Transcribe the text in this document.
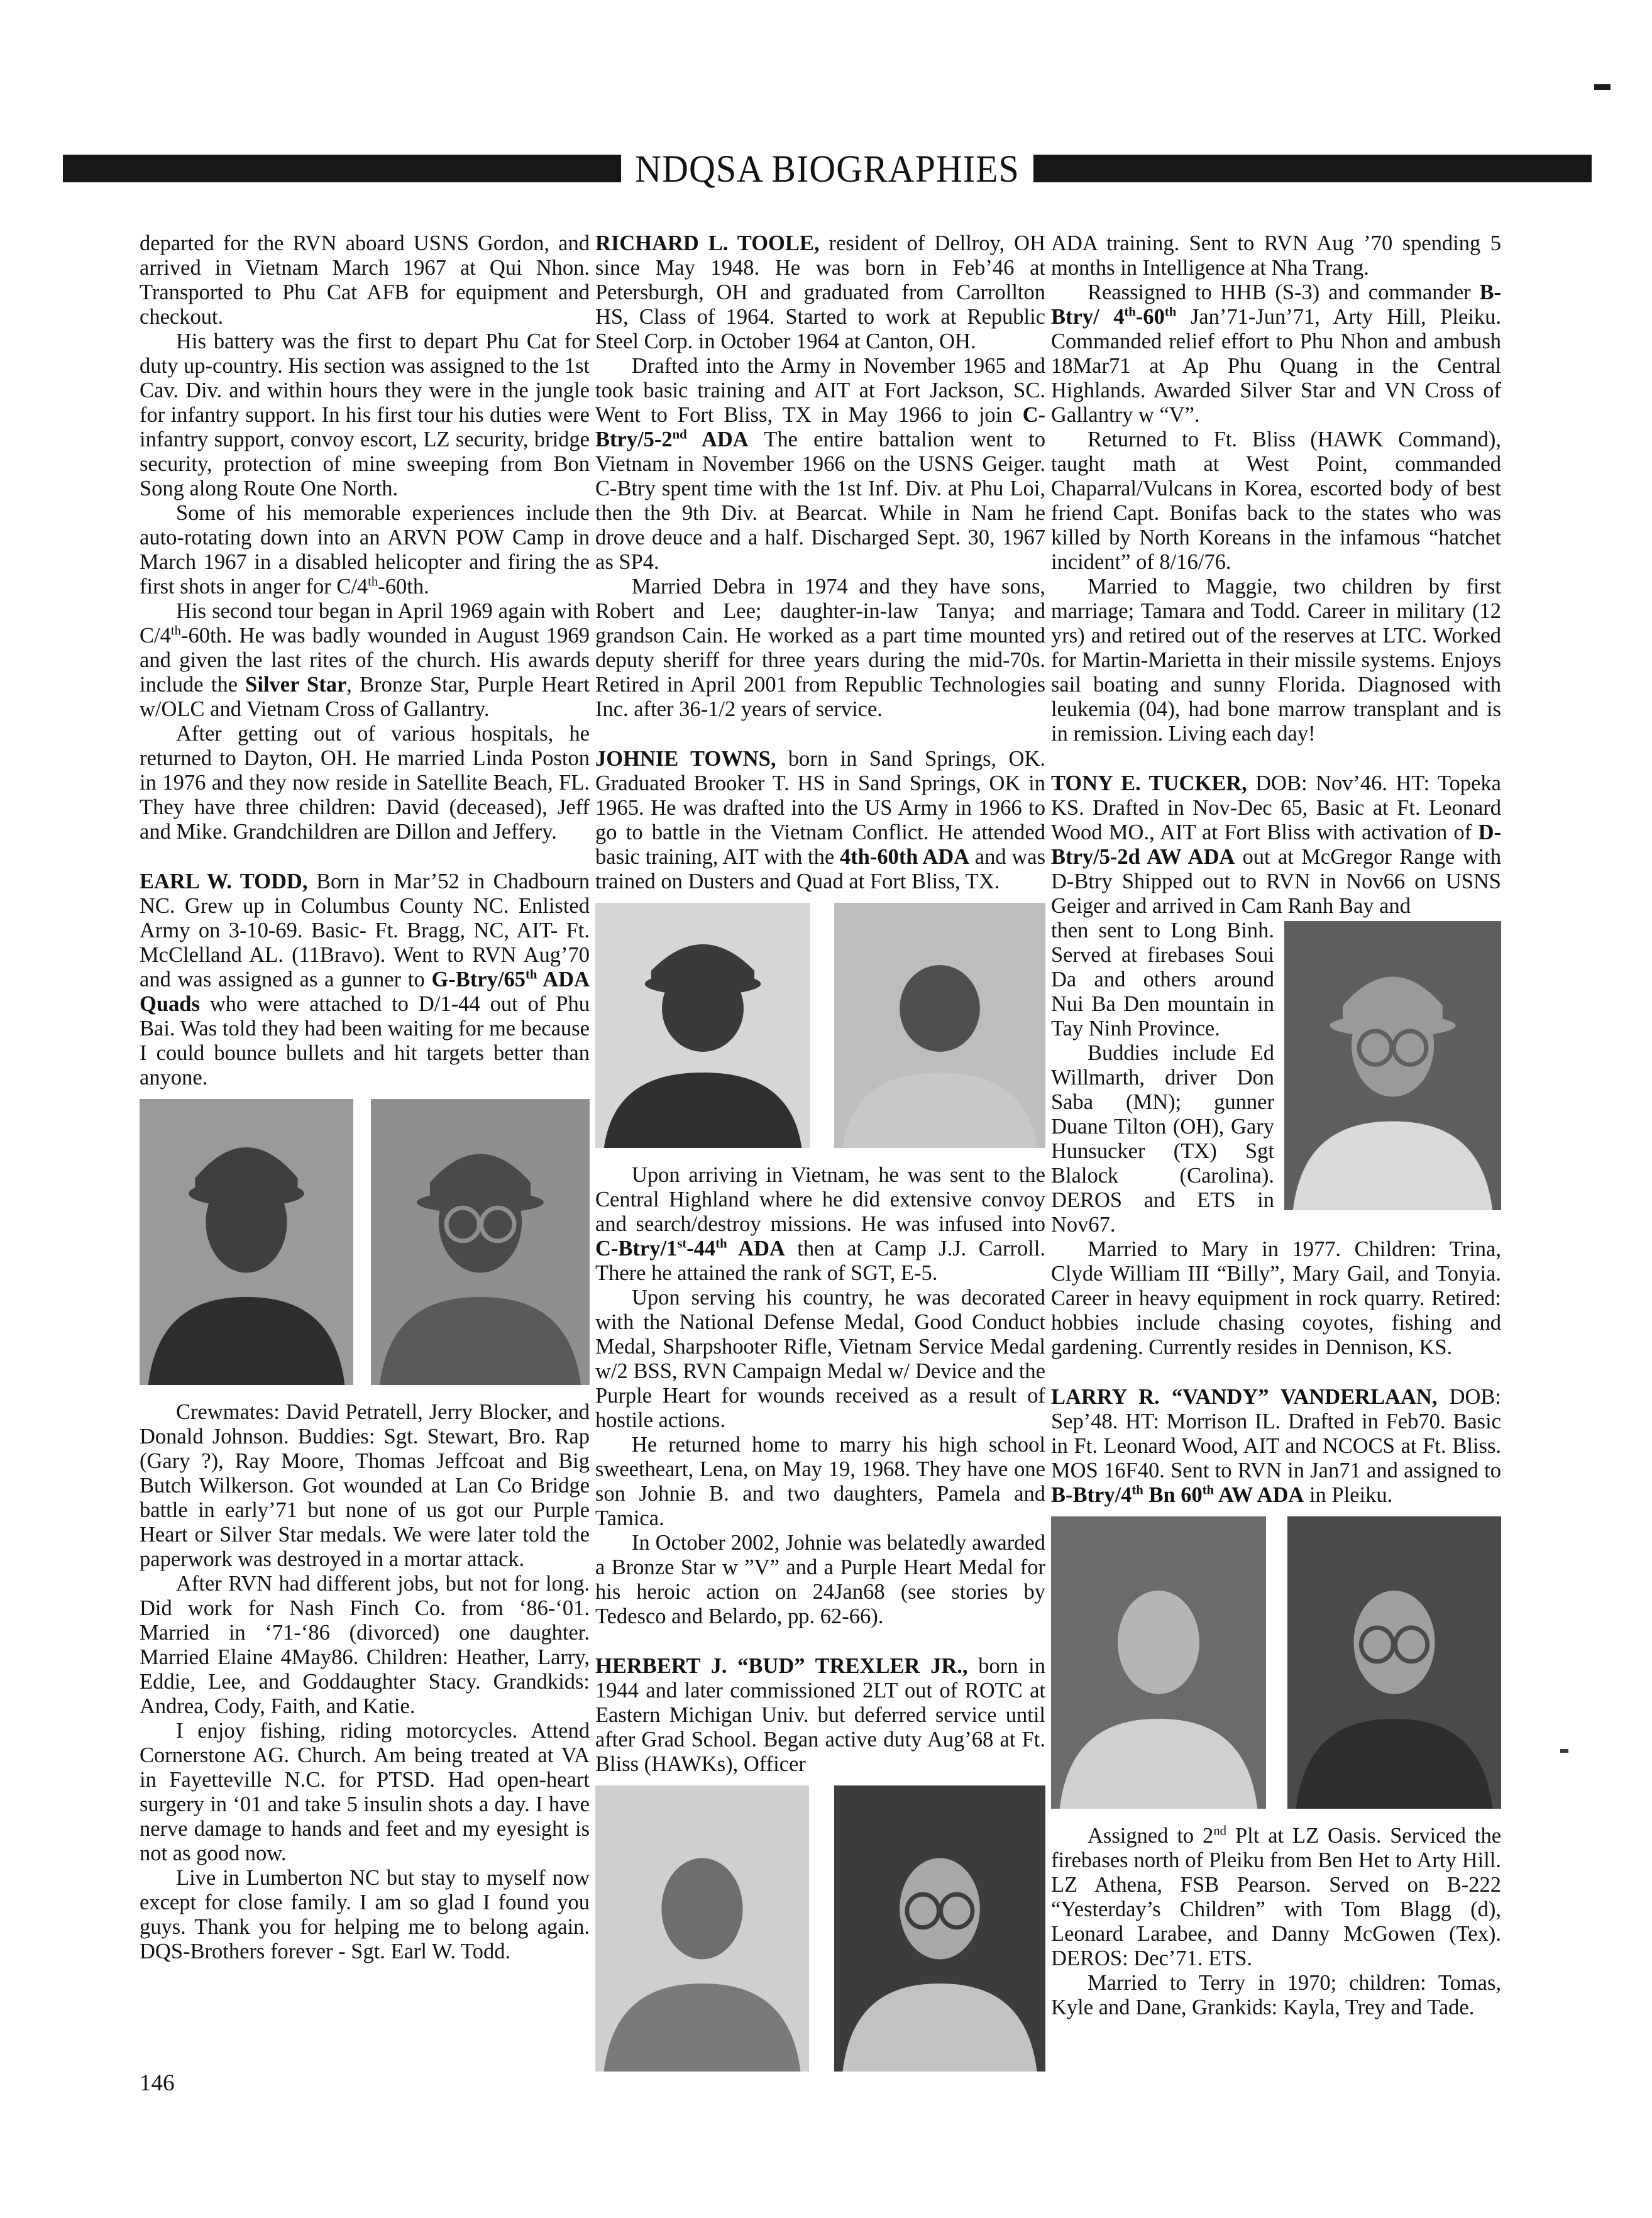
NDQSA BIOGRAPHIES

departed for the RVN aboard USNS Gordon, and arrived in Vietnam March 1967 at Qui Nhon. Transported to Phu Cat AFB for equipment and checkout.

His battery was the first to depart Phu Cat for duty up-country. His section was assigned to the 1st Cav. Div. and within hours they were in the jungle for infantry support. In his first tour his duties were infantry support, convoy escort, LZ security, bridge security, protection of mine sweeping from Bon Song along Route One North.

Some of his memorable experiences include auto-rotating down into an ARVN POW Camp in March 1967 in a disabled helicopter and firing the first shots in anger for C/4th-60th.

His second tour began in April 1969 again with C/4th-60th. He was badly wounded in August 1969 and given the last rites of the church. His awards include the Silver Star, Bronze Star, Purple Heart w/OLC and Vietnam Cross of Gallantry.

After getting out of various hospitals, he returned to Dayton, OH. He married Linda Poston in 1976 and they now reside in Satellite Beach, FL. They have three children: David (deceased), Jeff and Mike. Grandchildren are Dillon and Jeffery.

EARL W. TODD, Born in Mar’52 in Chadbourn NC. Grew up in Columbus County NC. Enlisted Army on 3-10-69. Basic- Ft. Bragg, NC, AIT- Ft. McClelland AL. (11Bravo). Went to RVN Aug’70 and was assigned as a gunner to G-Btry/65th ADA Quads who were attached to D/1-44 out of Phu Bai. Was told they had been waiting for me because I could bounce bullets and hit targets better than anyone.

Crewmates: David Petratell, Jerry Blocker, and Donald Johnson. Buddies: Sgt. Stewart, Bro. Rap (Gary ?), Ray Moore, Thomas Jeffcoat and Big Butch Wilkerson. Got wounded at Lan Co Bridge battle in early’71 but none of us got our Purple Heart or Silver Star medals. We were later told the paperwork was destroyed in a mortar attack.

After RVN had different jobs, but not for long. Did work for Nash Finch Co. from ‘86-‘01. Married in ‘71-‘86 (divorced) one daughter. Married Elaine 4May86. Children: Heather, Larry, Eddie, Lee, and Goddaughter Stacy. Grandkids: Andrea, Cody, Faith, and Katie.

I enjoy fishing, riding motorcycles. Attend Cornerstone AG. Church. Am being treated at VA in Fayetteville N.C. for PTSD. Had open-heart surgery in ‘01 and take 5 insulin shots a day. I have nerve damage to hands and feet and my eyesight is not as good now.

Live in Lumberton NC but stay to myself now except for close family. I am so glad I found you guys. Thank you for helping me to belong again. DQS-Brothers forever - Sgt. Earl W. Todd.

RICHARD L. TOOLE, resident of Dellroy, OH since May 1948. He was born in Feb’46 at Petersburgh, OH and graduated from Carrollton HS, Class of 1964. Started to work at Republic Steel Corp. in October 1964 at Canton, OH.

Drafted into the Army in November 1965 and took basic training and AIT at Fort Jackson, SC. Went to Fort Bliss, TX in May 1966 to join C-Btry/5-2nd ADA The entire battalion went to Vietnam in November 1966 on the USNS Geiger. C-Btry spent time with the 1st Inf. Div. at Phu Loi, then the 9th Div. at Bearcat. While in Nam he drove deuce and a half. Discharged Sept. 30, 1967 as SP4.

Married Debra in 1974 and they have sons, Robert and Lee; daughter-in-law Tanya; and grandson Cain. He worked as a part time mounted deputy sheriff for three years during the mid-70s. Retired in April 2001 from Republic Technologies Inc. after 36-1/2 years of service.

JOHNIE TOWNS, born in Sand Springs, OK. Graduated Brooker T. HS in Sand Springs, OK in 1965. He was drafted into the US Army in 1966 to go to battle in the Vietnam Conflict. He attended basic training, AIT with the 4th-60th ADA and was trained on Dusters and Quad at Fort Bliss, TX.

Upon arriving in Vietnam, he was sent to the Central Highland where he did extensive convoy and search/destroy missions. He was infused into C-Btry/1st-44th ADA then at Camp J.J. Carroll. There he attained the rank of SGT, E-5.

Upon serving his country, he was decorated with the National Defense Medal, Good Conduct Medal, Sharpshooter Rifle, Vietnam Service Medal w/2 BSS, RVN Campaign Medal w/ Device and the Purple Heart for wounds received as a result of hostile actions.

He returned home to marry his high school sweetheart, Lena, on May 19, 1968. They have one son Johnie B. and two daughters, Pamela and Tamica.

In October 2002, Johnie was belatedly awarded a Bronze Star w ”V” and a Purple Heart Medal for his heroic action on 24Jan68 (see stories by Tedesco and Belardo, pp. 62-66).

HERBERT J. “BUD” TREXLER JR., born in 1944 and later commissioned 2LT out of ROTC at Eastern Michigan Univ. but deferred service until after Grad School. Began active duty Aug’68 at Ft. Bliss (HAWKs), Officer

ADA training. Sent to RVN Aug ’70 spending 5 months in Intelligence at Nha Trang.

Reassigned to HHB (S-3) and commander B-Btry/ 4th-60th Jan’71-Jun’71, Arty Hill, Pleiku. Commanded relief effort to Phu Nhon and ambush 18Mar71 at Ap Phu Quang in the Central Highlands. Awarded Silver Star and VN Cross of Gallantry w “V”.

Returned to Ft. Bliss (HAWK Command), taught math at West Point, commanded Chaparral/Vulcans in Korea, escorted body of best friend Capt. Bonifas back to the states who was killed by North Koreans in the infamous “hatchet incident” of 8/16/76.

Married to Maggie, two children by first marriage; Tamara and Todd. Career in military (12 yrs) and retired out of the reserves at LTC. Worked for Martin-Marietta in their missile systems. Enjoys sail boating and sunny Florida. Diagnosed with leukemia (04), had bone marrow transplant and is in remission. Living each day!

TONY E. TUCKER, DOB: Nov’46. HT: Topeka KS. Drafted in Nov-Dec 65, Basic at Ft. Leonard Wood MO., AIT at Fort Bliss with activation of D-Btry/5-2d AW ADA out at McGregor Range with D-Btry Shipped out to RVN in Nov66 on USNS Geiger and arrived in Cam Ranh Bay and

then sent to Long Binh. Served at firebases Soui Da and others around Nui Ba Den mountain in Tay Ninh Province.

Buddies include Ed Willmarth, driver Don Saba (MN); gunner Duane Tilton (OH), Gary Hunsucker (TX) Sgt Blalock (Carolina). DEROS and ETS in Nov67.

Married to Mary in 1977. Children: Trina, Clyde William III “Billy”, Mary Gail, and Tonyia. Career in heavy equipment in rock quarry. Retired: hobbies include chasing coyotes, fishing and gardening. Currently resides in Dennison, KS.

LARRY R. “VANDY” VANDERLAAN, DOB: Sep’48. HT: Morrison IL. Drafted in Feb70. Basic in Ft. Leonard Wood, AIT and NCOCS at Ft. Bliss. MOS 16F40. Sent to RVN in Jan71 and assigned to B-Btry/4th Bn 60th AW ADA in Pleiku.

Assigned to 2nd Plt at LZ Oasis. Serviced the firebases north of Pleiku from Ben Het to Arty Hill. LZ Athena, FSB Pearson. Served on B-222 “Yesterday’s Children” with Tom Blagg (d), Leonard Larabee, and Danny McGowen (Tex). DEROS: Dec’71. ETS.

Married to Terry in 1970; children: Tomas, Kyle and Dane, Grankids: Kayla, Trey and Tade.

146
